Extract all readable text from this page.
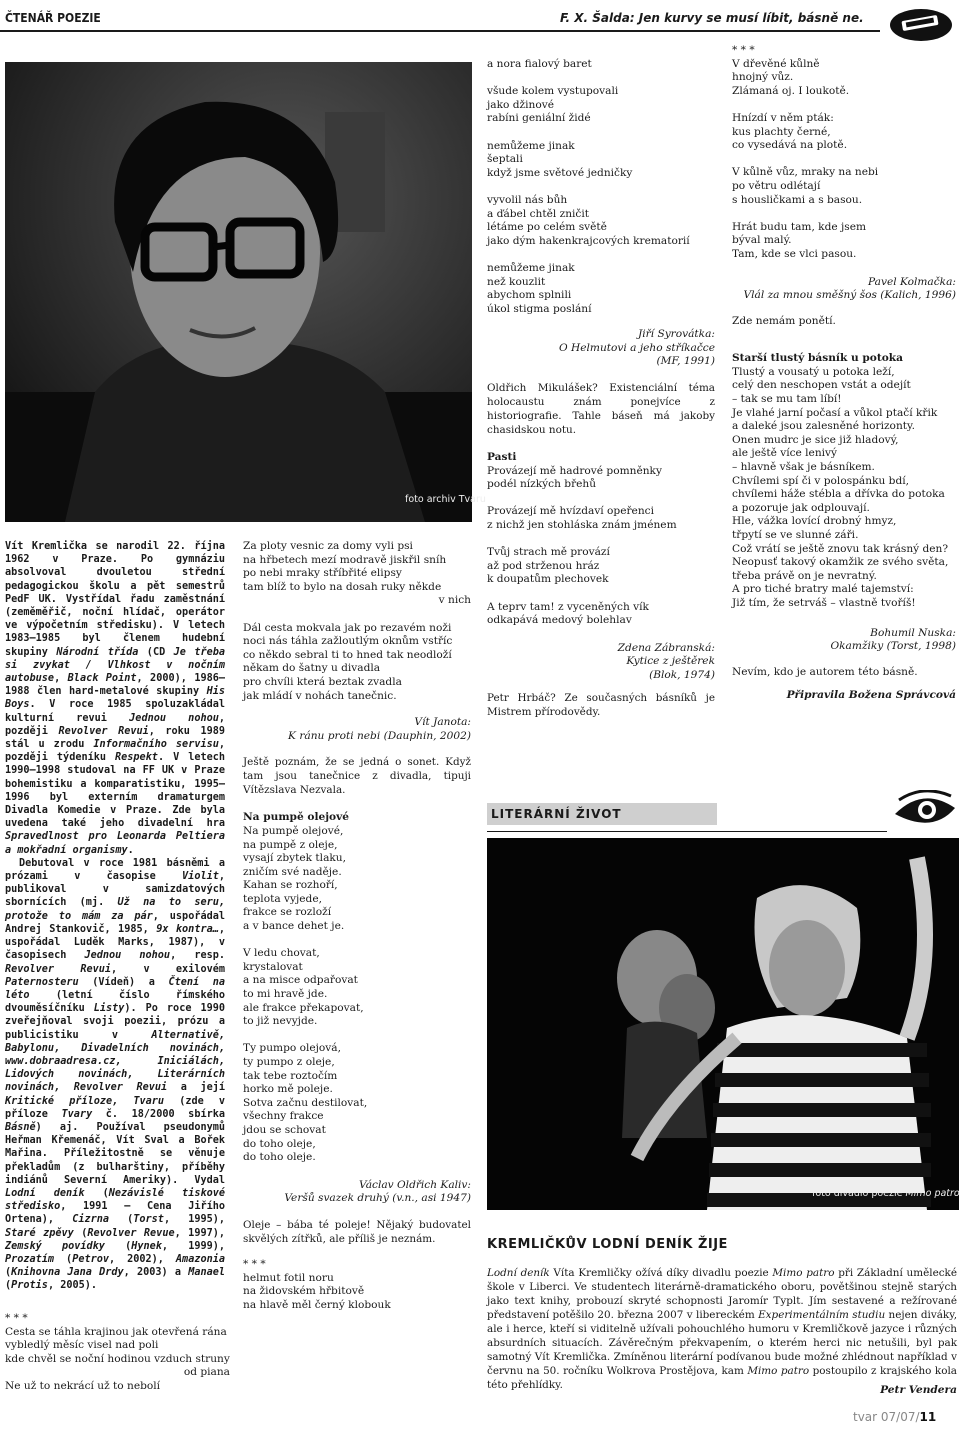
ČTENÁŘ POEZIE	F. X. Šalda: Jen kurvy se musí líbit, básně ne.
foto archiv Tvaru

Vít Kremlička se narodil 22. října 1962 v Praze. Po gymnáziu absolvoval dvouletou střední pedagogickou školu a pět semestrů PedF UK. Vystřídal řadu zaměstnání (zeměměřič, noční hlídač, operátor ve výpočetním středisku). V letech 1983–1985 byl členem hudební skupiny Národní třída (CD Je třeba si zvykat / Vlhkost v nočním autobuse, Black Point, 2000), 1986–1988 člen hard-metalové skupiny His Boys. V roce 1985 spoluzakládal kulturní revui Jednou nohou, později Revolver Revui, roku 1989 stál u zrodu Informačního servisu, později týdeníku Respekt. V letech 1990–1998 studoval na FF UK v Praze bohemistiku a komparatistiku, 1995–1996 byl externím dramaturgem Divadla Komedie v Praze. Zde byla uvedena také jeho divadelní hra Spravedlnost pro Leonarda Peltiera a mokřadní organismy.

Debutoval v roce 1981 básněmi a prózami v časopise Violit, publikoval v samizdatových sbornících (mj. Už na to seru, protože to mám za pár, uspořádal Andrej Stankovič, 1985, 9x kontra…, uspořádal Luděk Marks, 1987), v časopisech Jednou nohou, resp. Revolver Revui, v exilovém Paternosteru (Vídeň) a Čtení na léto (letní číslo římského dvouměsíčníku Listy). Po roce 1990 zveřejňoval svoji poezii, prózu a publicistiku v Alternativě, Babylonu, Divadelních novinách, www.dobraadresa.cz, Iniciálách, Lidových novinách, Literárních novinách, Revolver Revui a její Kritické příloze, Tvaru (zde v příloze Tvary č. 18/2000 sbírka Básně) aj. Používal pseudonymů Heřman Křemenáč, Vít Sval a Bořek Mařina. Příležitostně se věnuje překladům (z bulharštiny, příběhy indiánů Severní Ameriky). Vydal Lodní deník (Nezávislé tiskové středisko, 1991 – Cena Jiřího Ortena), Cizrna (Torst, 1995), Staré zpěvy (Revolver Revue, 1997), Zemský povídky (Hynek, 1999), Prozatím (Petrov, 2002), Amazonia (Knihovna Jana Drdy, 2003) a Manael (Protis, 2005).

* * *
Cesta se táhla krajinou jak otevřená rána
vybledlý měsíc visel nad poli
kde chvěl se noční hodinou vzduch struny
od piana
Ne už to nekrácí už to nebolí
Za ploty vesnic za domy vyli psi
na hřbetech mezí modravě jiskřil sníh
po nebi mraky stříbřité elipsy
tam blíž to bylo na dosah ruky někde
v nich
Dál cesta mokvala jak po rezavém noži
noci nás táhla zažloutlým oknům vstříc
co někdo sebral ti to hned tak neodloží
někam do šatny u divadla
pro chvíli která beztak zvadla
jak mládí v nohách tanečnic.
Vít Janota:
K ránu proti nebi (Dauphin, 2002)

Ještě poznám, že se jedná o sonet. Když tam jsou tanečnice z divadla, tipuji Vítězslava Nezvala.

Na pumpě olejové
Na pumpě olejové,
na pumpě z oleje,
vysají zbytek tlaku,
zničím své naděje.
Kahan se rozhoří,
teplota vyjede,
frakce se rozloží
a v bance dehet je.
V ledu chovat,
krystalovat
a na misce odpařovat
to mi hravě jde.
ale frakce překapovat,
to již nevyjde.
Ty pumpo olejová,
ty pumpo z oleje,
tak tebe roztočím
horko mě poleje.
Sotva začnu destilovat,
všechny frakce
jdou se schovat
do toho oleje,
do toho oleje.
Václav Oldřich Kaliv:
Veršů svazek druhý (v.n., asi 1947)

Oleje – bába té poleje! Nějaký budovatel skvělých zítřků, ale příliš je neznám.

* * *
helmut fotil noru
na židovském hřbitově
na hlavě měl černý klobouk
a nora fialový baret
všude kolem vystupovali
jako džinové
rabíni geniální židé
nemůžeme jinak
šeptali
když jsme světové jedničky
vyvolil nás bůh
a ďábel chtěl zničit
létáme po celém světě
jako dým hakenkrajcových krematorií
nemůžeme jinak
než kouzlit
abychom splnili
úkol stigma poslání
Jiří Syrovátka:
O Helmutovi a jeho stříkačce
(MF, 1991)

Oldřich Mikulášek? Existenciální téma holocaustu znám ponejvíce z historiografie. Tahle báseň má jakoby chasidskou notu.

Pasti
Provázejí mě hadrové pomněnky
podél nízkých břehů
Provázejí mě hvízdaví opeřenci
z nichž jen stohláska znám jménem
Tvůj strach mě provází
až pod strženou hráz
k doupatům plechovek
A teprv tam! z vyceněných vík
odkapává medový bolehlav
Zdena Zábranská:
Kytice z ještěrek
(Blok, 1974)

Petr Hrbáč? Ze současných básníků je Mistrem přírodovědy.

* * *
V dřevěné kůlně
hnojný vůz.
Zlámaná oj. I loukotě.
Hnízdí v něm pták:
kus plachty černé,
co vysedává na plotě.
V kůlně vůz, mraky na nebi
po větru odlétají
s housličkami a s basou.
Hrát budu tam, kde jsem
býval malý.
Tam, kde se vlci pasou.
Pavel Kolmačka:
Vlál za mnou směšný šos (Kalich, 1996)
Zde nemám ponětí.
Starší tlustý básník u potoka
Tlustý a vousatý u potoka leží,
celý den neschopen vstát a odejít
– tak se mu tam líbí!
Je vlahé jarní počasí a vůkol ptačí křik
a daleké jsou zalesněné horizonty.
Onen mudrc je sice již hladový,
ale ještě více lenivý
– hlavně však je básníkem.
Chvílemi spí či v polospánku bdí,
chvílemi háže stébla a dřívka do potoka
a pozoruje jak odplouvají.
Hle, vážka lovící drobný hmyz,
třpytí se ve slunné záři.
Což vrátí se ještě znovu tak krásný den?
Neopusť takový okamžik ze svého světa,
třeba právě on je nevratný.
A pro tiché bratry malé tajemství:
Již tím, že setrváš – vlastně tvoříš!
Bohumil Nuska:
Okamžiky (Torst, 1998)
Nevím, kdo je autorem této básně.
Připravila Božena Správcová
LITERÁRNÍ ŽIVOT
foto divadlo poezie Mimo patro
KREMLIČKŮV LODNÍ DENÍK ŽIJE

Lodní deník Víta Kremličky ožívá díky divadlu poezie Mimo patro při Základní umělecké škole v Liberci. Ve studentech literárně-dramatického oboru, povětšinou stejně starých jako text knihy, probouzí skryté schopnosti Jaromír Typlt. Jím sestavené a režírované představení potěšilo 20. března 2007 v libereckém Experimentálním studiu nejen diváky, ale i herce, kteří si viditelně užívali pohouchlého humoru v Kremličkově jazyce i různých absurdních situacích. Závěrečným překvapením, o kterém herci nic netušili, byl pak samotný Vít Kremlička. Zmíněnou literární podívanou bude možné zhlédnout například v červnu na 50. ročníku Wolkrova Prostějova, kam Mimo patro postoupilo z krajského kola této přehlídky.	Petr Vendera
tvar 07/07/11
